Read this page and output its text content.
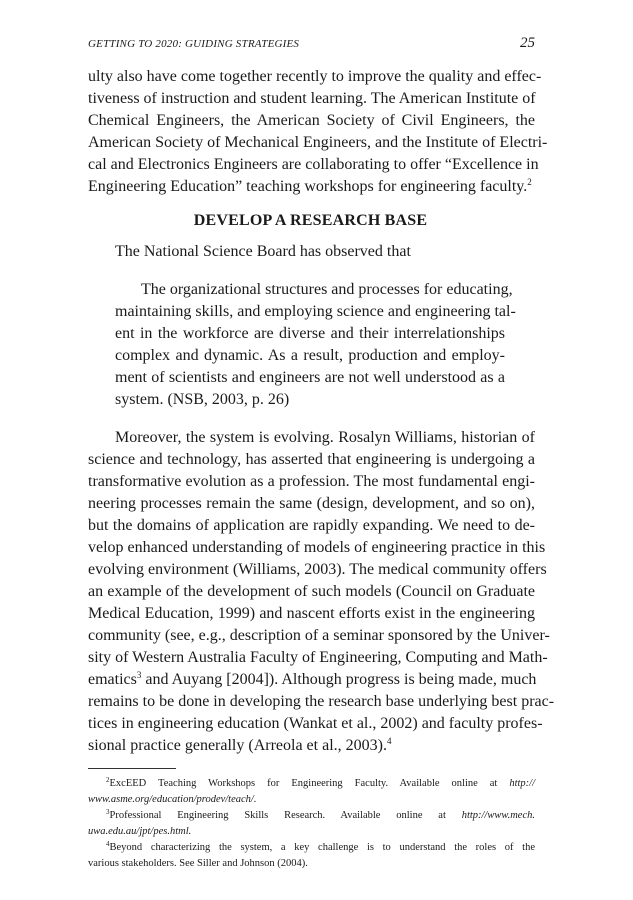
GETTING TO 2020: GUIDING STRATEGIES	25
ulty also have come together recently to improve the quality and effec-
tiveness of instruction and student learning. The American Institute of
Chemical Engineers, the American Society of Civil Engineers, the
American Society of Mechanical Engineers, and the Institute of Electri-
cal and Electronics Engineers are collaborating to offer “Excellence in
Engineering Education” teaching workshops for engineering faculty.$^2$
DEVELOP A RESEARCH BASE
The National Science Board has observed that
The organizational structures and processes for educating,
maintaining skills, and employing science and engineering tal-
ent in the workforce are diverse and their interrelationships
complex and dynamic. As a result, production and employ-
ment of scientists and engineers are not well understood as a
system. (NSB, 2003, p. 26)
Moreover, the system is evolving. Rosalyn Williams, historian of
science and technology, has asserted that engineering is undergoing a
transformative evolution as a profession. The most fundamental engi-
neering processes remain the same (design, development, and so on),
but the domains of application are rapidly expanding. We need to de-
velop enhanced understanding of models of engineering practice in this
evolving environment (Williams, 2003). The medical community offers
an example of the development of such models (Council on Graduate
Medical Education, 1999) and nascent efforts exist in the engineering
community (see, e.g., description of a seminar sponsored by the Univer-
sity of Western Australia Faculty of Engineering, Computing and Math-
ematics$^3$ and Auyang [2004]). Although progress is being made, much
remains to be done in developing the research base underlying best prac-
tices in engineering education (Wankat et al., 2002) and faculty profes-
sional practice generally (Arreola et al., 2003).$^4$
$^2$ExcEED Teaching Workshops for Engineering Faculty. Available online at http://
www.asme.org/education/prodev/teach/.
$^3$Professional Engineering Skills Research. Available online at http://www.mech.
uwa.edu.au/jpt/pes.html.
$^4$Beyond characterizing the system, a key challenge is to understand the roles of the
various stakeholders. See Siller and Johnson (2004).
